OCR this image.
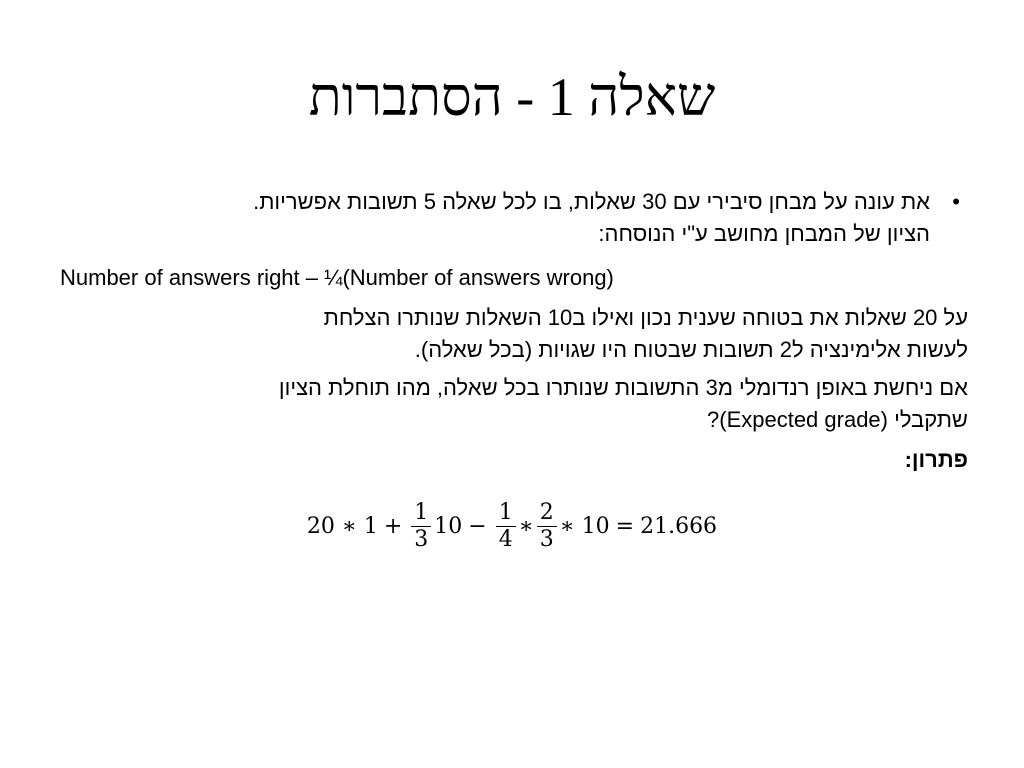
שאלה 1 - הסתברות
•
את עונה על מבחן סיבירי עם 30 שאלות, בו לכל שאלה 5 תשובות אפשריות.
הציון של המבחן מחושב ע"י הנוסחה:
Number of answers right – ¼(Number of answers wrong)
על 20 שאלות את בטוחה שענית נכון ואילו ב10 השאלות שנותרו הצלחת
לעשות אלימינציה ל2 תשובות שבטוח היו שגויות (בכל שאלה).
אם ניחשת באופן רנדומלי מ3 התשובות שנותרו בכל שאלה, מהו תוחלת הציון
שתקבלי (Expected grade)?
פתרון:
20 ∗ $1 + \frac{1}{3} 10 - \frac{1}{4}$ ∗ $\frac{2}{3}$ ∗ 10 = 21.666
